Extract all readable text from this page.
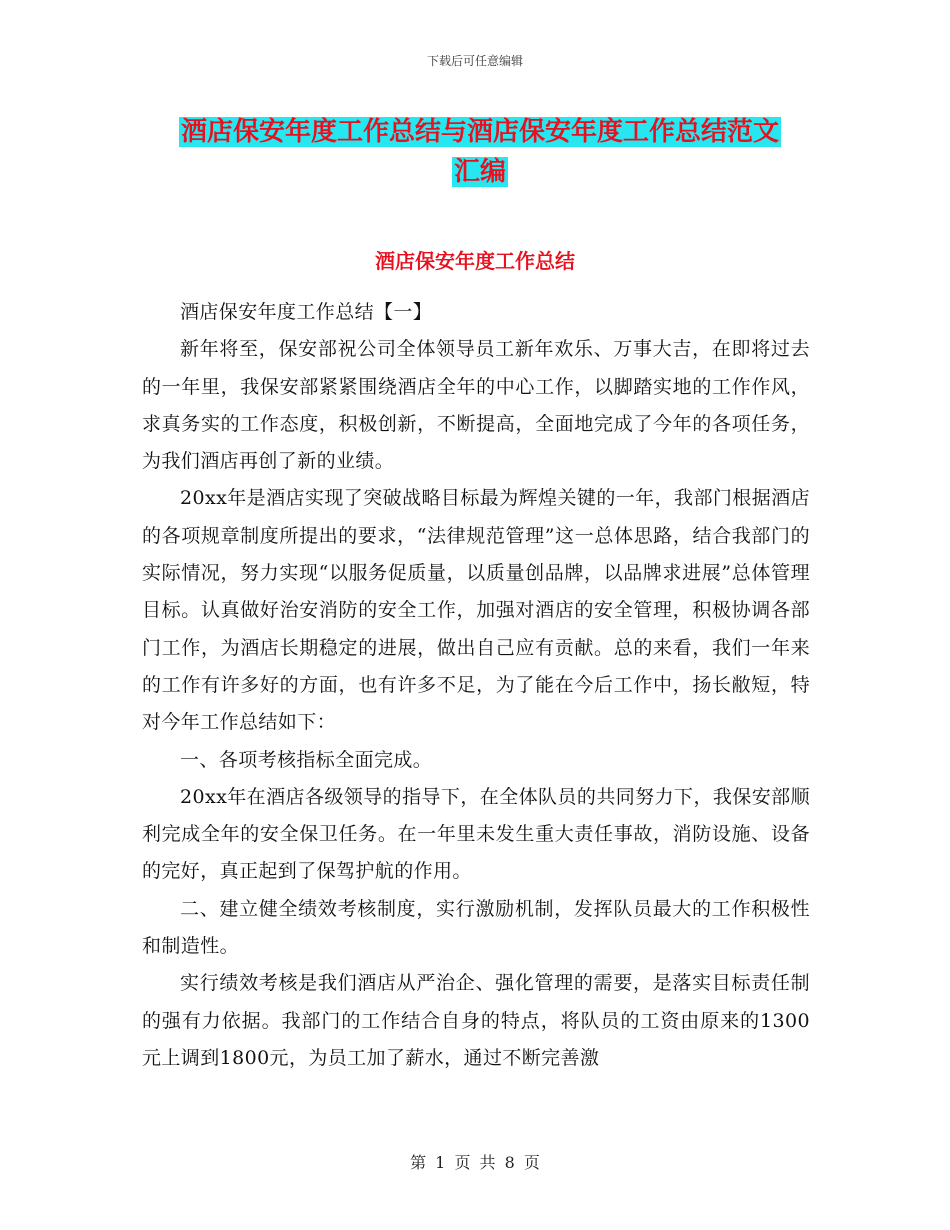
下载后可任意编辑
酒店保安年度工作总结与酒店保安年度工作总结范文
汇编
酒店保安年度工作总结

酒店保安年度工作总结【一】

新年将至，保安部祝公司全体领导员工新年欢乐、万事大吉，在即将过去的一年里，我保安部紧紧围绕酒店全年的中心工作，以脚踏实地的工作作风，求真务实的工作态度，积极创新，不断提高，全面地完成了今年的各项任务，为我们酒店再创了新的业绩。

20xx年是酒店实现了突破战略目标最为辉煌关键的一年，我部门根据酒店的各项规章制度所提出的要求，“法律规范管理”这一总体思路，结合我部门的实际情况，努力实现“以服务促质量，以质量创品牌，以品牌求进展”总体管理目标。认真做好治安消防的安全工作，加强对酒店的安全管理，积极协调各部门工作，为酒店长期稳定的进展，做出自己应有贡献。总的来看，我们一年来的工作有许多好的方面，也有许多不足，为了能在今后工作中，扬长敝短，特对今年工作总结如下：

一、各项考核指标全面完成。

20xx年在酒店各级领导的指导下，在全体队员的共同努力下，我保安部顺利完成全年的安全保卫任务。在一年里未发生重大责任事故，消防设施、设备的完好，真正起到了保驾护航的作用。

二、建立健全绩效考核制度，实行激励机制，发挥队员最大的工作积极性和制造性。

实行绩效考核是我们酒店从严治企、强化管理的需要，是落实目标责任制的强有力依据。我部门的工作结合自身的特点，将队员的工资由原来的1300元上调到1800元，为员工加了薪水，通过不断完善激

第 1 页 共 8 页
